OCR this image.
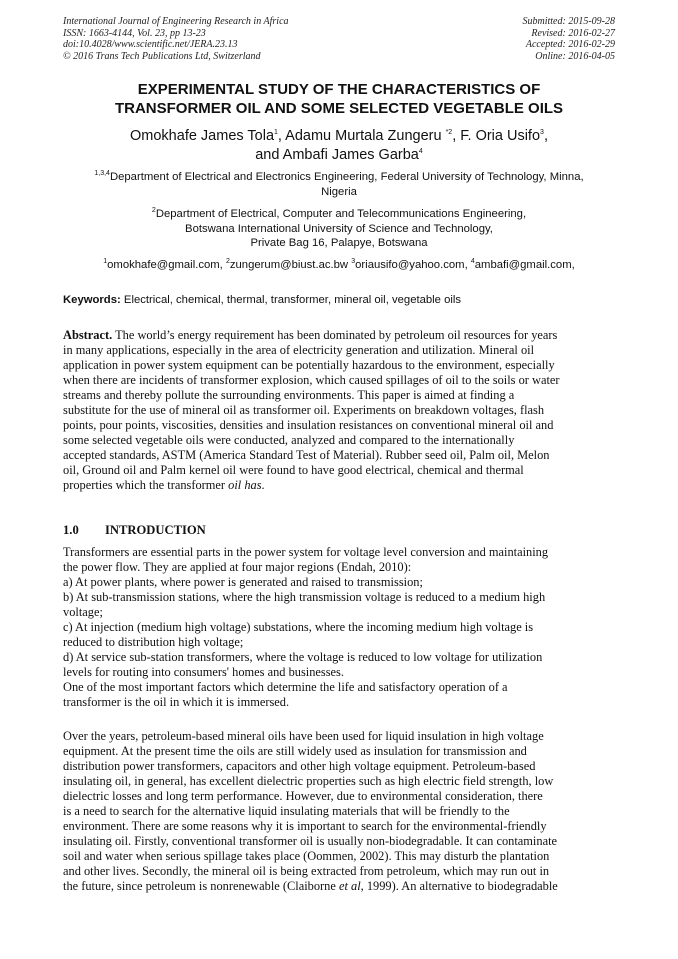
International Journal of Engineering Research in Africa
ISSN: 1663-4144, Vol. 23, pp 13-23
doi:10.4028/www.scientific.net/JERA.23.13
© 2016 Trans Tech Publications Ltd, Switzerland
Submitted: 2015-09-28
Revised: 2016-02-27
Accepted: 2016-02-29
Online: 2016-04-05
EXPERIMENTAL STUDY OF THE CHARACTERISTICS OF
TRANSFORMER OIL AND SOME SELECTED VEGETABLE OILS
Omokhafe James Tola$^1$, Adamu Murtala Zungeru $^{*2}$, F. Oria Usifo$^3$,
and Ambafi James Garba$^4$
$^{1,3,4}$Department of Electrical and Electronics Engineering, Federal University of Technology, Minna,
Nigeria
$^2$Department of Electrical, Computer and Telecommunications Engineering,
Botswana International University of Science and Technology,
Private Bag 16, Palapye, Botswana
$^1$omokhafe@gmail.com, $^2$zungerum@biust.ac.bw $^3$oriausifo@yahoo.com, $^4$ambafi@gmail.com,
Keywords: Electrical, chemical, thermal, transformer, mineral oil, vegetable oils
Abstract. The world’s energy requirement has been dominated by petroleum oil resources for years
in many applications, especially in the area of electricity generation and utilization. Mineral oil
application in power system equipment can be potentially hazardous to the environment, especially
when there are incidents of transformer explosion, which caused spillages of oil to the soils or water
streams and thereby pollute the surrounding environments. This paper is aimed at finding a
substitute for the use of mineral oil as transformer oil. Experiments on breakdown voltages, flash
points, pour points, viscosities, densities and insulation resistances on conventional mineral oil and
some selected vegetable oils were conducted, analyzed and compared to the internationally
accepted standards, ASTM (America Standard Test of Material). Rubber seed oil, Palm oil, Melon
oil, Ground oil and Palm kernel oil were found to have good electrical, chemical and thermal
properties which the transformer oil has.
1.0 INTRODUCTION
Transformers are essential parts in the power system for voltage level conversion and maintaining
the power flow. They are applied at four major regions (Endah, 2010):
a) At power plants, where power is generated and raised to transmission;
b) At sub-transmission stations, where the high transmission voltage is reduced to a medium high
voltage;
c) At injection (medium high voltage) substations, where the incoming medium high voltage is
reduced to distribution high voltage;
d) At service sub-station transformers, where the voltage is reduced to low voltage for utilization
levels for routing into consumers' homes and businesses.
One of the most important factors which determine the life and satisfactory operation of a
transformer is the oil in which it is immersed.
Over the years, petroleum-based mineral oils have been used for liquid insulation in high voltage
equipment. At the present time the oils are still widely used as insulation for transmission and
distribution power transformers, capacitors and other high voltage equipment. Petroleum-based
insulating oil, in general, has excellent dielectric properties such as high electric field strength, low
dielectric losses and long term performance. However, due to environmental consideration, there
is a need to search for the alternative liquid insulating materials that will be friendly to the
environment. There are some reasons why it is important to search for the environmental-friendly
insulating oil. Firstly, conventional transformer oil is usually non-biodegradable. It can contaminate
soil and water when serious spillage takes place (Oommen, 2002). This may disturb the plantation
and other lives. Secondly, the mineral oil is being extracted from petroleum, which may run out in
the future, since petroleum is nonrenewable (Claiborne et al, 1999). An alternative to biodegradable
